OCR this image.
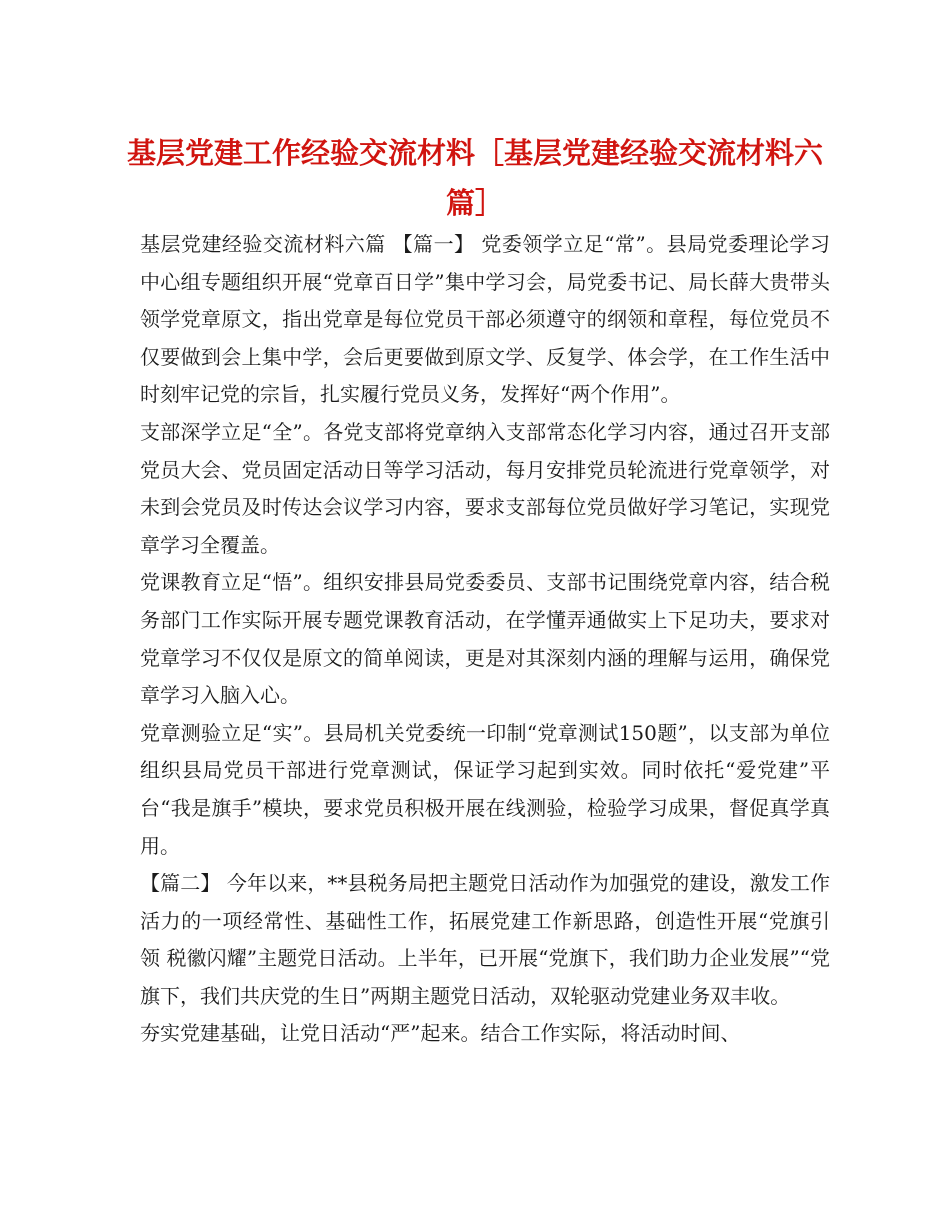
基层党建工作经验交流材料［基层党建经验交流材料六篇］

基层党建经验交流材料六篇 【篇一】 党委领学立足“常”。县局党委理论学习中心组专题组织开展“党章百日学”集中学习会，局党委书记、局长薛大贵带头领学党章原文，指出党章是每位党员干部必须遵守的纲领和章程，每位党员不仅要做到会上集中学，会后更要做到原文学、反复学、体会学，在工作生活中时刻牢记党的宗旨，扎实履行党员义务，发挥好“两个作用”。

支部深学立足“全”。各党支部将党章纳入支部常态化学习内容，通过召开支部党员大会、党员固定活动日等学习活动，每月安排党员轮流进行党章领学，对未到会党员及时传达会议学习内容，要求支部每位党员做好学习笔记，实现党章学习全覆盖。

党课教育立足“悟”。组织安排县局党委委员、支部书记围绕党章内容，结合税务部门工作实际开展专题党课教育活动，在学懂弄通做实上下足功夫，要求对党章学习不仅仅是原文的简单阅读，更是对其深刻内涵的理解与运用，确保党章学习入脑入心。

党章测验立足“实”。县局机关党委统一印制“党章测试150题”，以支部为单位组织县局党员干部进行党章测试，保证学习起到实效。同时依托“爱党建”平台“我是旗手”模块，要求党员积极开展在线测验，检验学习成果，督促真学真用。

【篇二】 今年以来，**县税务局把主题党日活动作为加强党的建设，激发工作活力的一项经常性、基础性工作，拓展党建工作新思路，创造性开展“党旗引领 税徽闪耀”主题党日活动。上半年，已开展“党旗下，我们助力企业发展”“党旗下，我们共庆党的生日”两期主题党日活动，双轮驱动党建业务双丰收。

夯实党建基础，让党日活动“严”起来。结合工作实际，将活动时间、
